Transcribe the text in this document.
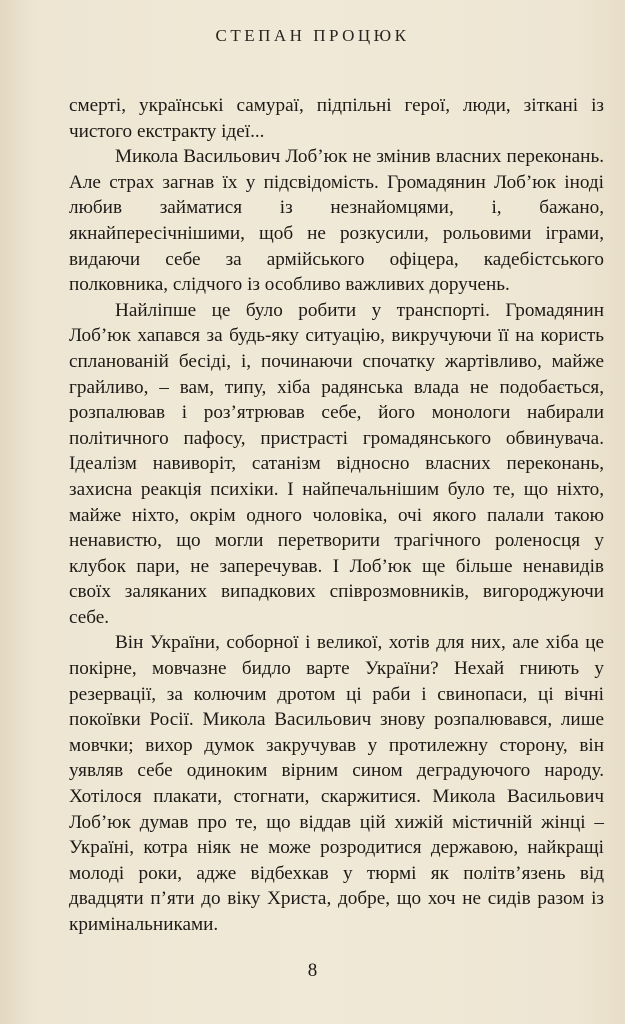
СТЕПАН ПРОЦЮК

смерті, українські самураї, підпільні герої, люди, зіткані із чистого екстракту ідеї...

Микола Васильович Лоб’юк не змінив власних переконань. Але страх загнав їх у підсвідомість. Громадянин Лоб’юк іноді любив займатися із незнайомцями, і, бажано, якнайпересічнішими, щоб не розкусили, рольовими іграми, видаючи себе за армійського офіцера, кадебістського полковника, слідчого із особливо важливих доручень.

Найліпше це було робити у транспорті. Громадянин Лоб’юк хапався за будь-яку ситуацію, викручуючи її на користь спланованій бесіді, і, починаючи спочатку жартівливо, майже грайливо, – вам, типу, хіба радянська влада не подобається, розпалював і роз’ятрював себе, його монологи набирали політичного пафосу, пристрасті громадянського обвинувача. Ідеалізм навиворіт, сатанізм відносно власних переконань, захисна реакція психіки. І найпечальнішим було те, що ніхто, майже ніхто, окрім одного чоловіка, очі якого палали такою ненавистю, що могли перетворити трагічного роленосця у клубок пари, не заперечував. І Лоб’юк ще більше ненавидів своїх заляканих випадкових співрозмовників, вигороджуючи себе.

Він України, соборної і великої, хотів для них, але хіба це покірне, мовчазне бидло варте України? Нехай гниють у резервації, за колючим дротом ці раби і свинопаси, ці вічні покоївки Росії. Микола Васильович знову розпалювався, лише мовчки; вихор думок закручував у протилежну сторону, він уявляв себе одиноким вірним сином деградуючого народу. Хотілося плакати, стогнати, скаржитися. Микола Васильович Лоб’юк думав про те, що віддав цій хижій містичній жінці – Україні, котра ніяк не може розродитися державою, найкращі молоді роки, адже відбехкав у тюрмі як політв’язень від двадцяти п’яти до віку Христа, добре, що хоч не сидів разом із кримінальниками.

8
